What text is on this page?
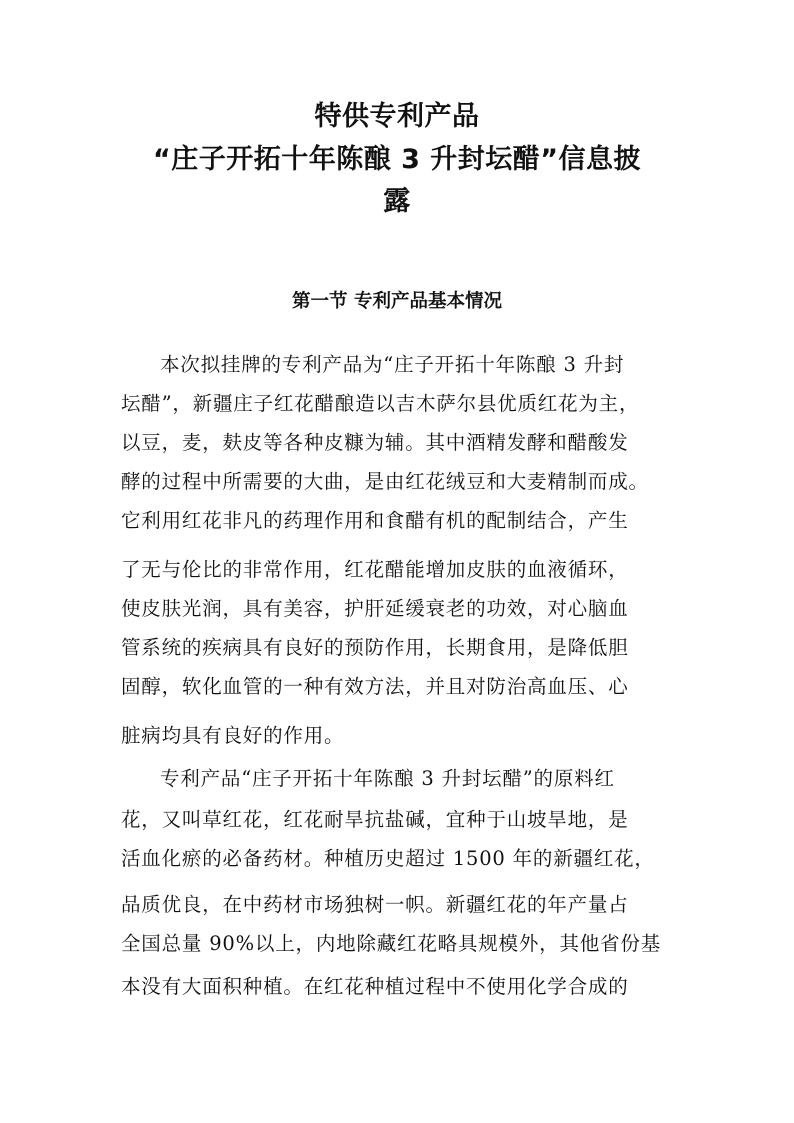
特供专利产品
“庄子开拓十年陈酿 3 升封坛醋”信息披
露
第一节 专利产品基本情况
本次拟挂牌的专利产品为“庄子开拓十年陈酿 3 升封
坛醋”，新疆庄子红花醋酿造以吉木萨尔县优质红花为主，
以豆，麦，麸皮等各种皮糠为辅。其中酒精发酵和醋酸发
酵的过程中所需要的大曲，是由红花绒豆和大麦精制而成。
它利用红花非凡的药理作用和食醋有机的配制结合，产生
了无与伦比的非常作用，红花醋能增加皮肤的血液循环，
使皮肤光润，具有美容，护肝延缓衰老的功效，对心脑血
管系统的疾病具有良好的预防作用，长期食用，是降低胆
固醇，软化血管的一种有效方法，并且对防治高血压、心
脏病均具有良好的作用。
专利产品“庄子开拓十年陈酿 3 升封坛醋”的原料红
花，又叫草红花，红花耐旱抗盐碱，宜种于山坡旱地，是
活血化瘀的必备药材。种植历史超过 1500 年的新疆红花，
品质优良，在中药材市场独树一帜。新疆红花的年产量占
全国总量 90%以上，内地除藏红花略具规模外，其他省份基
本没有大面积种植。在红花种植过程中不使用化学合成的
